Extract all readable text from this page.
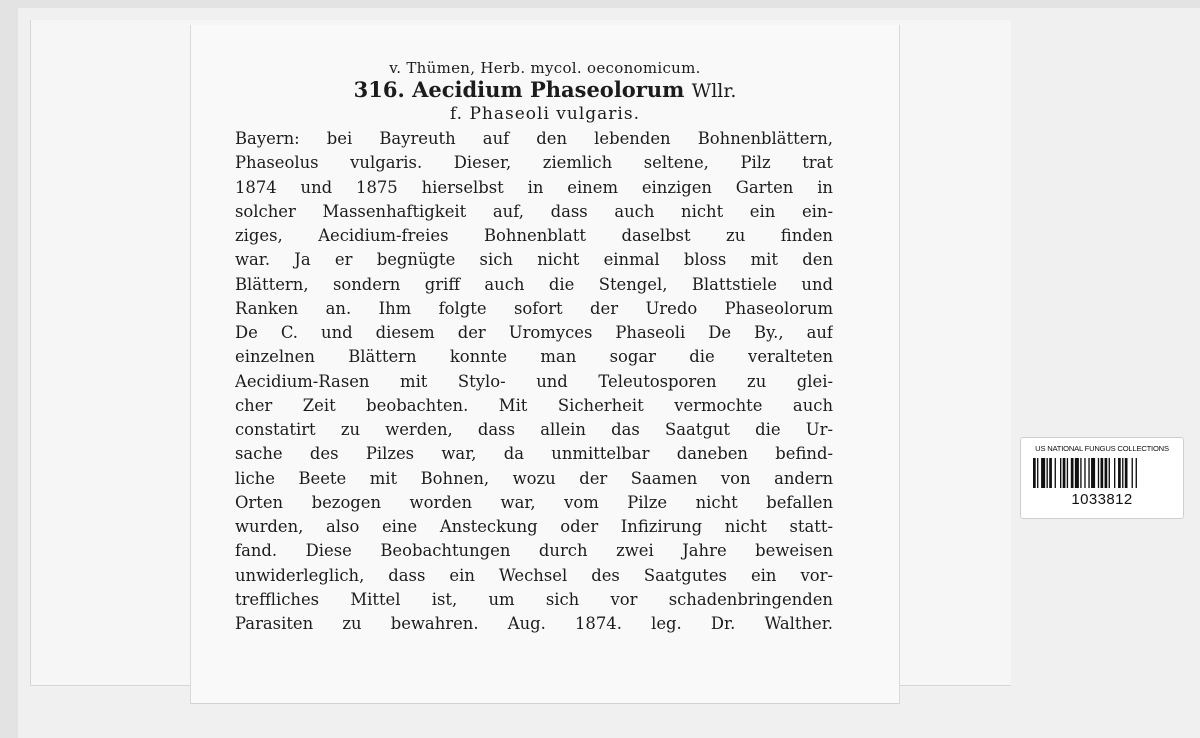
v. Thümen, Herb. mycol. oeconomicum.
316. Aecidium Phaseolorum Wllr.
f. Phaseoli vulgaris.
Bayern: bei Bayreuth auf den lebenden Bohnenblättern,
Phaseolus vulgaris. Dieser, ziemlich seltene, Pilz trat
1874 und 1875 hierselbst in einem einzigen Garten in
solcher Massenhaftigkeit auf, dass auch nicht ein ein-
ziges, Aecidium-freies Bohnenblatt daselbst zu finden
war. Ja er begnügte sich nicht einmal bloss mit den
Blättern, sondern griff auch die Stengel, Blattstiele und
Ranken an. Ihm folgte sofort der Uredo Phaseolorum
De C. und diesem der Uromyces Phaseoli De By., auf
einzelnen Blättern konnte man sogar die veralteten
Aecidium-Rasen mit Stylo- und Teleutosporen zu glei-
cher Zeit beobachten. Mit Sicherheit vermochte auch
constatirt zu werden, dass allein das Saatgut die Ur-
sache des Pilzes war, da unmittelbar daneben befind-
liche Beete mit Bohnen, wozu der Saamen von andern
Orten bezogen worden war, vom Pilze nicht befallen
wurden, also eine Ansteckung oder Infizirung nicht statt-
fand. Diese Beobachtungen durch zwei Jahre beweisen
unwiderleglich, dass ein Wechsel des Saatgutes ein vor-
treffliches Mittel ist, um sich vor schadenbringenden
Parasiten zu bewahren. Aug. 1874. leg. Dr. Walther.
US NATIONAL FUNGUS COLLECTIONS
1033812
